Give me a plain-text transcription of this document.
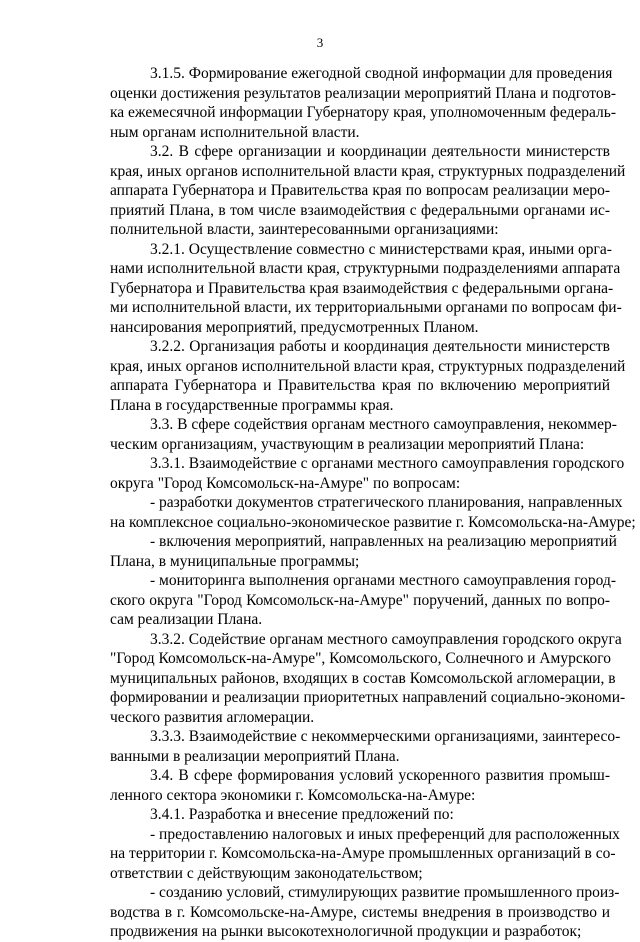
3
3.1.5. Формирование ежегодной сводной информации для проведения
оценки достижения результатов реализации мероприятий Плана и подготов-
ка ежемесячной информации Губернатору края, уполномоченным федераль-
ным органам исполнительной власти.
3.2. В сфере организации и координации деятельности министерств
края, иных органов исполнительной власти края, структурных подразделений
аппарата Губернатора и Правительства края по вопросам реализации меро-
приятий Плана, в том числе взаимодействия с федеральными органами ис-
полнительной власти, заинтересованными организациями:
3.2.1. Осуществление совместно с министерствами края, иными орга-
нами исполнительной власти края, структурными подразделениями аппарата
Губернатора и Правительства края взаимодействия с федеральными органа-
ми исполнительной власти, их территориальными органами по вопросам фи-
нансирования мероприятий, предусмотренных Планом.
3.2.2. Организация работы и координация деятельности министерств
края, иных органов исполнительной власти края, структурных подразделений
аппарата Губернатора и Правительства края по включению мероприятий
Плана в государственные программы края.
3.3. В сфере содействия органам местного самоуправления, некоммер-
ческим организациям, участвующим в реализации мероприятий Плана:
3.3.1. Взаимодействие с органами местного самоуправления городского
округа "Город Комсомольск-на-Амуре" по вопросам:
- разработки документов стратегического планирования, направленных
на комплексное социально-экономическое развитие г. Комсомольска-на-Амуре;
- включения мероприятий, направленных на реализацию мероприятий
Плана, в муниципальные программы;
- мониторинга выполнения органами местного самоуправления город-
ского округа "Город Комсомольск-на-Амуре" поручений, данных по вопро-
сам реализации Плана.
3.3.2. Содействие органам местного самоуправления городского округа
"Город Комсомольск-на-Амуре", Комсомольского, Солнечного и Амурского
муниципальных районов, входящих в состав Комсомольской агломерации, в
формировании и реализации приоритетных направлений социально-экономи-
ческого развития агломерации.
3.3.3. Взаимодействие с некоммерческими организациями, заинтересо-
ванными в реализации мероприятий Плана.
3.4. В сфере формирования условий ускоренного развития промыш-
ленного сектора экономики г. Комсомольска-на-Амуре:
3.4.1. Разработка и внесение предложений по:
- предоставлению налоговых и иных преференций для расположенных
на территории г. Комсомольска-на-Амуре промышленных организаций в со-
ответствии с действующим законодательством;
- созданию условий, стимулирующих развитие промышленного произ-
водства в г. Комсомольске-на-Амуре, системы внедрения в производство и
продвижения на рынки высокотехнологичной продукции и разработок;
